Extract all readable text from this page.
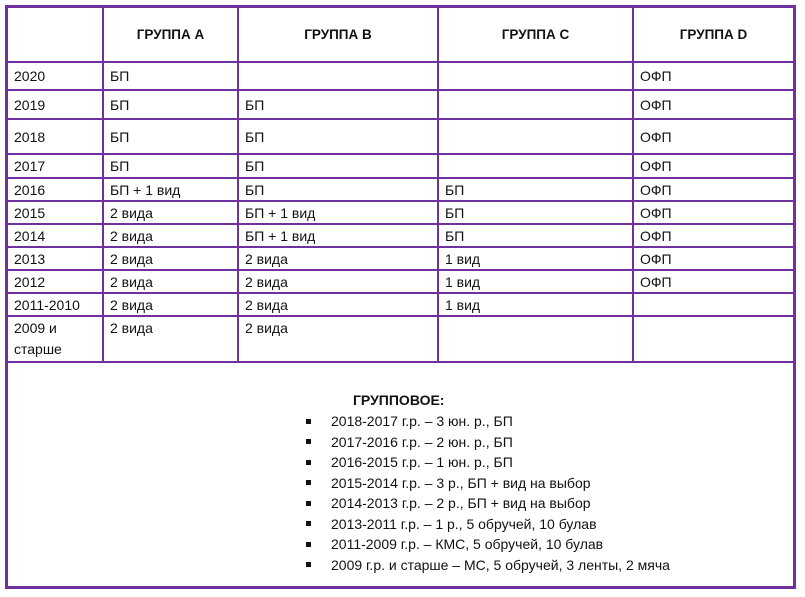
	ГРУППА А	ГРУППА В	ГРУППА С	ГРУППА D
2020	БП			ОФП
2019	БП	БП		ОФП
2018	БП	БП		ОФП
2017	БП	БП		ОФП
2016	БП + 1 вид	БП	БП	ОФП
2015	2 вида	БП + 1 вид	БП	ОФП
2014	2 вида	БП + 1 вид	БП	ОФП
2013	2 вида	2 вида	1 вид	ОФП
2012	2 вида	2 вида	1 вид	ОФП
2011-2010	2 вида	2 вида	1 вид	
2009 и старше	2 вида	2 вида		
ГРУППОВОЕ:
2018-2017 г.р. – 3 юн. р., БП
2017-2016 г.р. – 2 юн. р., БП
2016-2015 г.р. – 1 юн. р., БП
2015-2014 г.р. – 3 р., БП + вид на выбор
2014-2013 г.р. – 2 р., БП + вид на выбор
2013-2011 г.р. – 1 р., 5 обручей, 10 булав
2011-2009 г.р. – КМС, 5 обручей, 10 булав
2009 г.р. и старше – МС, 5 обручей, 3 ленты, 2 мяча
